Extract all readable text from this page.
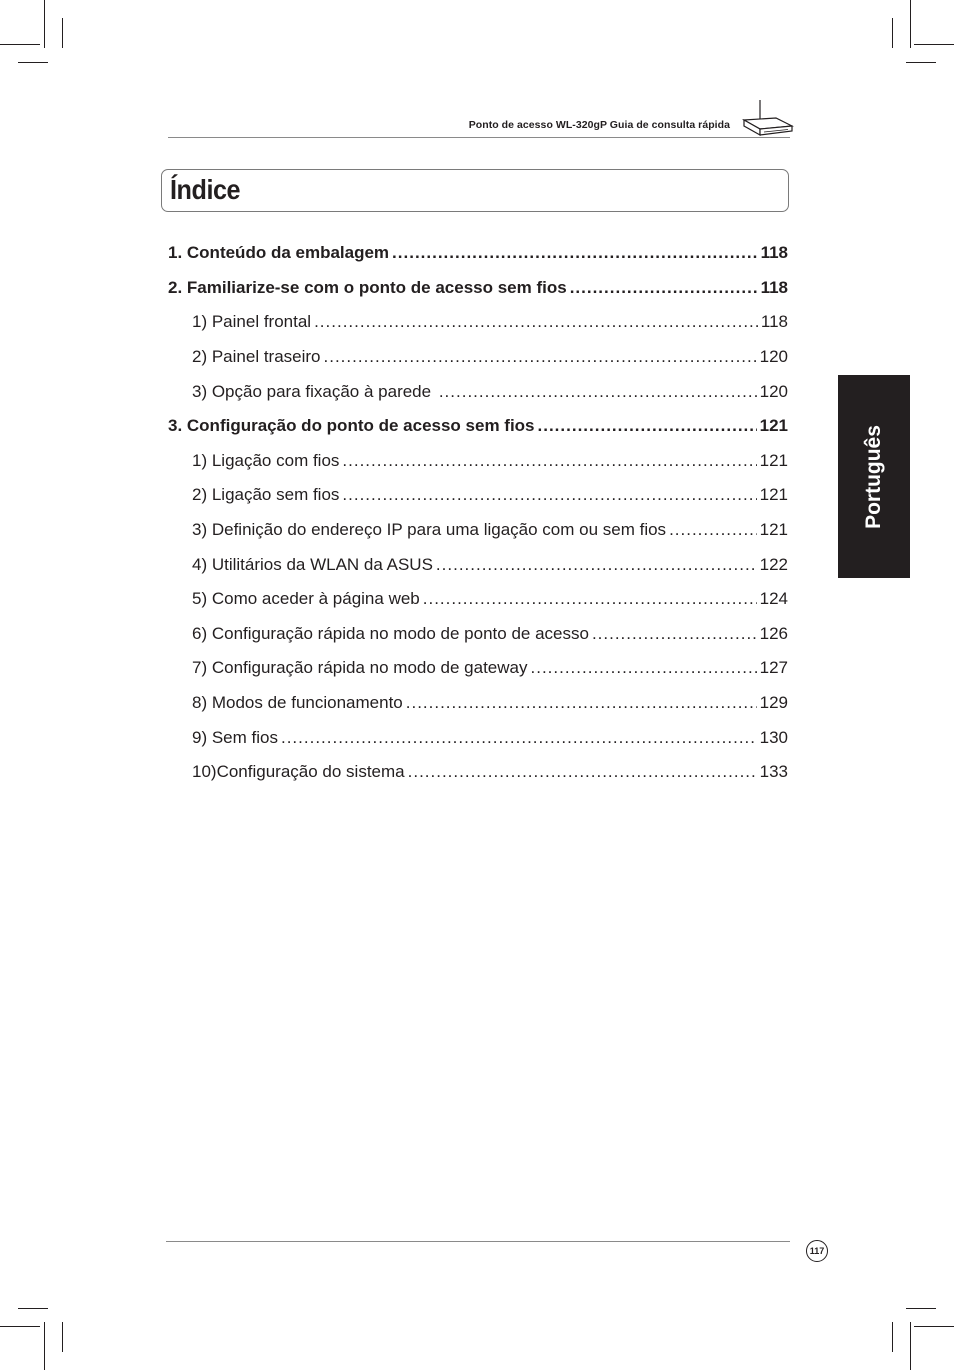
Ponto de acesso WL-320gP Guia de consulta rápida
Índice
1. Conteúdo da embalagem .....	118
2. Familiarize-se com o ponto de acesso sem fios .....	118
1) Painel frontal .....	118
2) Painel traseiro .....	120
3) Opção para fixação à parede .....	120
3. Configuração do ponto de acesso sem fios .....	121
1) Ligação com fios .....	121
2) Ligação sem fios .....	121
3) Definição do endereço IP para uma ligação com ou sem fios .....	121
4) Utilitários da WLAN da ASUS .....	122
5) Como aceder à página web .....	124
6) Configuração rápida no modo de ponto de acesso .....	126
7) Configuração rápida no modo de gateway .....	127
8) Modos de funcionamento .....	129
9) Sem fios .....	130
10)Configuração do sistema .....	133
Português
117
